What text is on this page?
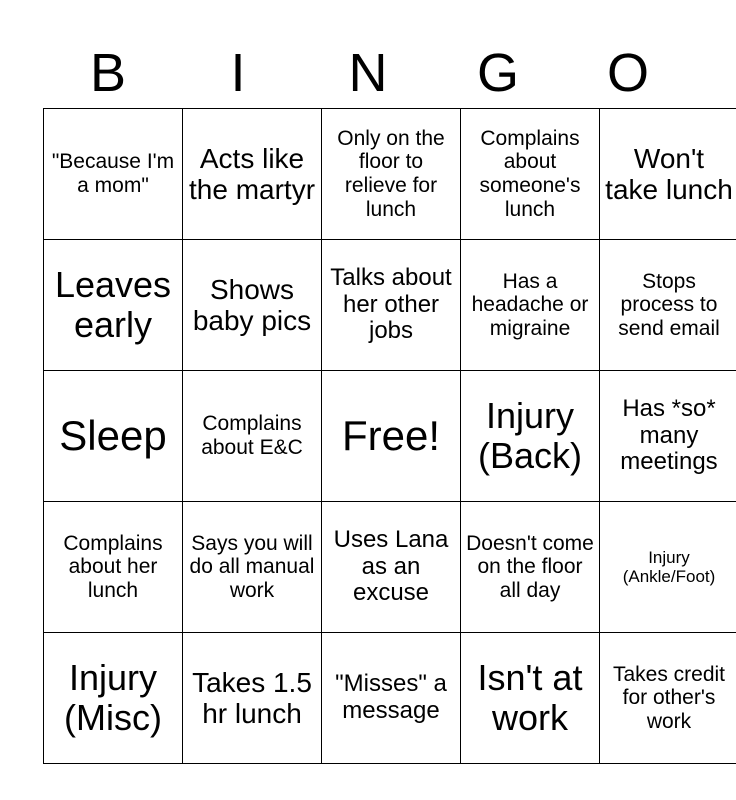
B	I	N	G	O
"Because I'm a mom"	Acts like the martyr	Only on the floor to relieve for lunch	Complains about someone's lunch	Won't take lunch
Leaves early	Shows baby pics	Talks about her other jobs	Has a headache or migraine	Stops process to send email
Sleep	Complains about E&C	Free!	Injury (Back)	Has *so* many meetings
Complains about her lunch	Says you will do all manual work	Uses Lana as an excuse	Doesn't come on the floor all day	Injury (Ankle/Foot)
Injury (Misc)	Takes 1.5 hr lunch	"Misses" a message	Isn't at work	Takes credit for other's work
